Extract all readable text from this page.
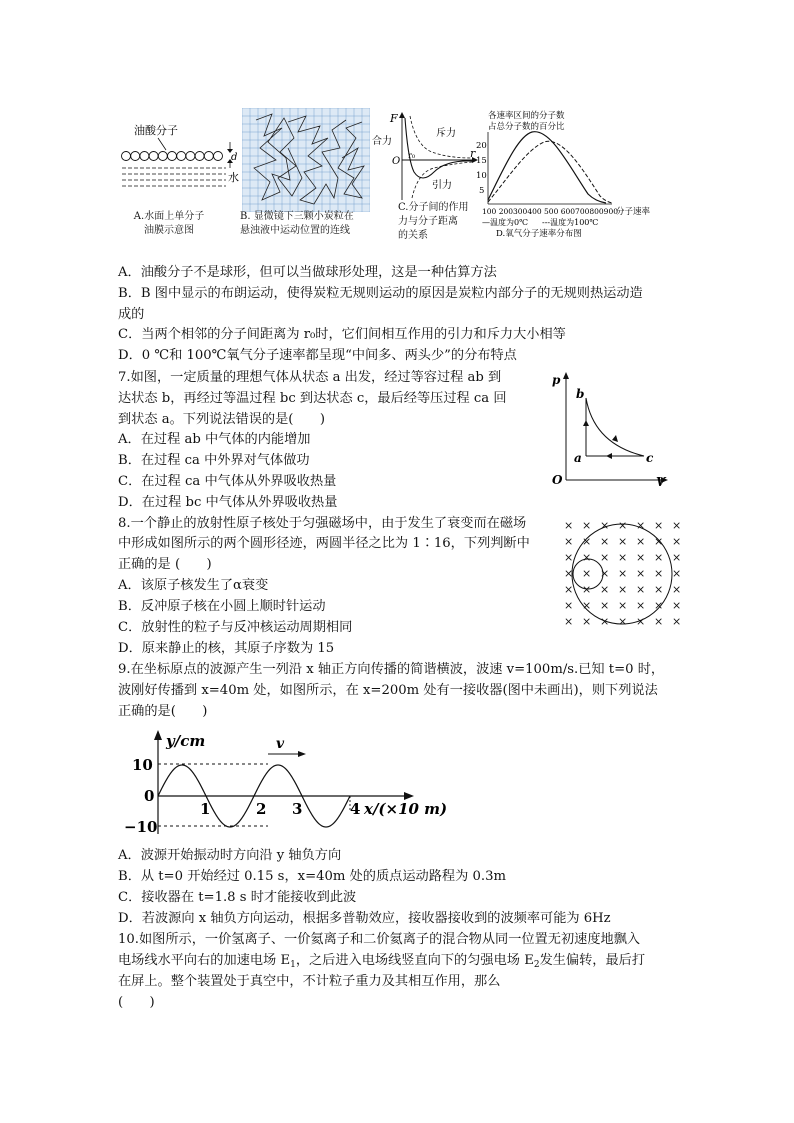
油酸分子
d
水
A.水面上单分子
油膜示意图
B. 显微镜下三颗小炭粒在
悬浊液中运动位置的连线
F
r
O
r₀
合力
斥力
引力
C.分子间的作用
力与分子距离
的关系
各速率区间的分子数
占总分子数的百分比
20
15
10
5
100 200300400 500 600700800900
分子速率
—温度为0℃ ---温度为100℃
D.氧气分子速率分布图
A．油酸分子不是球形，但可以当做球形处理，这是一种估算方法
B．B 图中显示的布朗运动，使得炭粒无规则运动的原因是炭粒内部分子的无规则热运动造
成的
C．当两个相邻的分子间距离为 r₀时，它们间相互作用的引力和斥力大小相等
D．0 ℃和 100℃氧气分子速率都呈现“中间多、两头少”的分布特点
7.如图，一定质量的理想气体从状态 a 出发，经过等容过程 ab 到
达状态 b，再经过等温过程 bc 到达状态 c，最后经等压过程 ca 回
到状态 a。下列说法错误的是(　　)
A．在过程 ab 中气体的内能增加
B．在过程 ca 中外界对气体做功
C．在过程 ca 中气体从外界吸收热量
D．在过程 bc 中气体从外界吸收热量
p
V
O
b
a	c
8.一个静止的放射性原子核处于匀强磁场中，由于发生了衰变而在磁场
中形成如图所示的两个圆形径迹，两圆半径之比为 1∶16，下列判断中
正确的是 (　　)
A．该原子核发生了α衰变
B．反冲原子核在小圆上顺时针运动
C．放射性的粒子与反冲核运动周期相同
D．原来静止的核，其原子序数为 15
× × × × × × ×
× × × × × × ×
× × × × × × ×
× × × × × × ×
× × × × × × ×
× × × × × × ×
× × × × × × ×
9.在坐标原点的波源产生一列沿 x 轴正方向传播的简谐横波，波速 v=100m/s.已知 t=0 时，
波刚好传播到 x=40m 处，如图所示，在 x=200m 处有一接收器(图中未画出)，则下列说法
正确的是(　　)
y/cm
x/(×10 m)
v
10
0
−10
1	2 3	4
A．波源开始振动时方向沿 y 轴负方向
B．从 t=0 开始经过 0.15 s，x=40m 处的质点运动路程为 0.3m
C．接收器在 t=1.8 s 时才能接收到此波
D．若波源向 x 轴负方向运动，根据多普勒效应，接收器接收到的波频率可能为 6Hz
10.如图所示，一价氢离子、一价氦离子和二价氦离子的混合物从同一位置无初速度地飘入
电场线水平向右的加速电场 $E_1$，之后进入电场线竖直向下的匀强电场 $E_2$发生偏转，最后打
在屏上。整个装置处于真空中，不计粒子重力及其相互作用，那么
(　　)
